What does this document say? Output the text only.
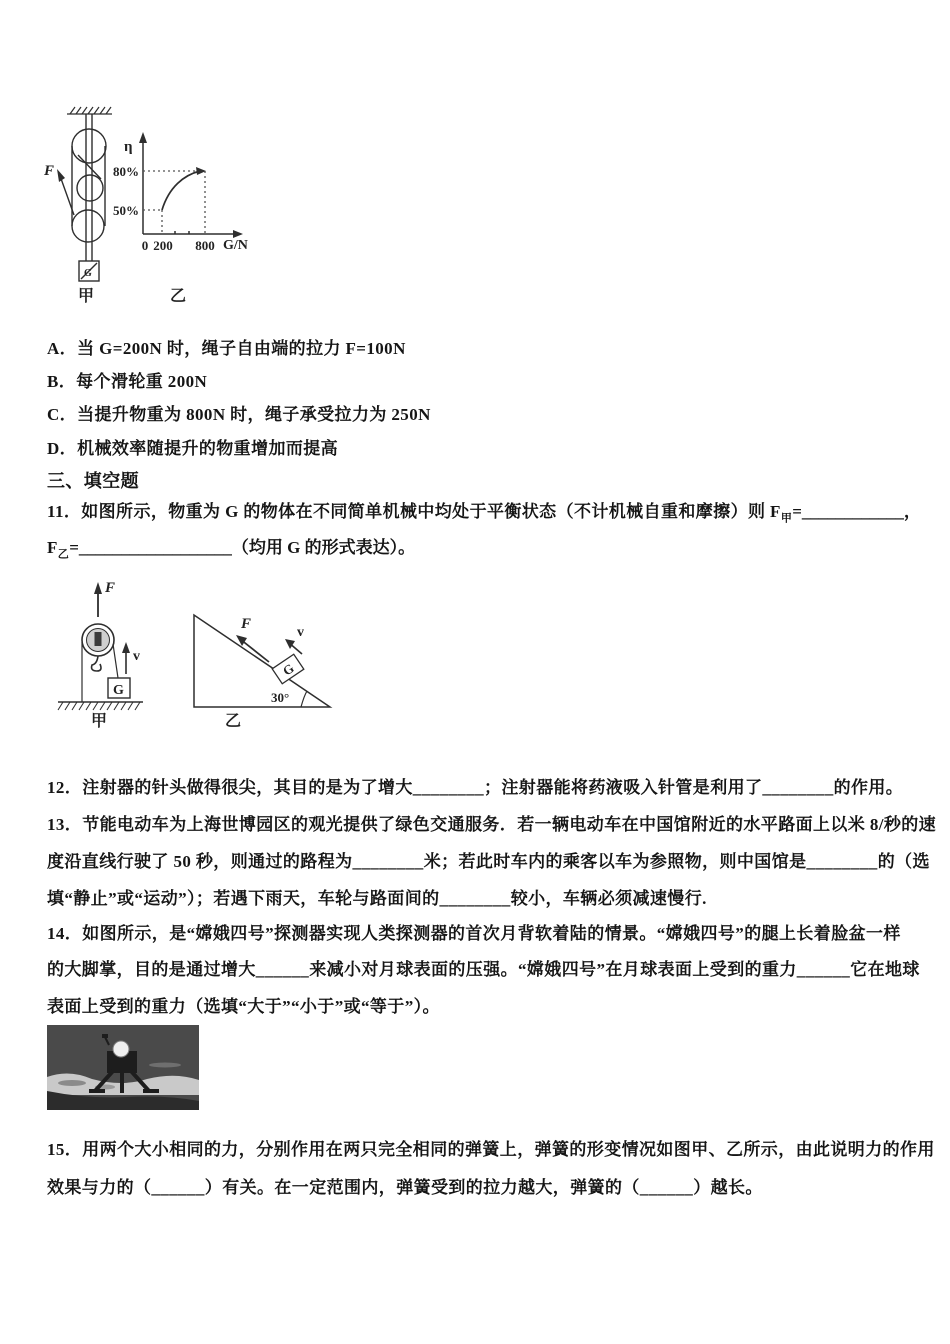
F
G
甲
η
80%
50%
0 200 800 G/N
乙
A．当 G=200N 时，绳子自由端的拉力 F=100N
B．每个滑轮重 200N
C．当提升物重为 800N 时，绳子承受拉力为 250N
D．机械效率随提升的物重增加而提高
三、填空题
11．如图所示，物重为 G 的物体在不同简单机械中均处于平衡状态（不计机械自重和摩擦）则 $F_甲=\_\_\_\_\_\_\_\_\_\_\_\_$，
$F_乙=\_\_\_\_\_\_\_\_\_\_\_\_\_\_\_\_\_\_$（均用 G 的形式表达）。
F
v
G
甲
G
F
v
30°
乙
12．注射器的针头做得很尖，其目的是为了增大________；注射器能将药液吸入针管是利用了________的作用。
13．节能电动车为上海世博园区的观光提供了绿色交通服务．若一辆电动车在中国馆附近的水平路面上以米 8/秒的速
度沿直线行驶了 50 秒，则通过的路程为________米；若此时车内的乘客以车为参照物，则中国馆是________的（选
填“静止”或“运动”）；若遇下雨天，车轮与路面间的________较小，车辆必须减速慢行.
14．如图所示，是“嫦娥四号”探测器实现人类探测器的首次月背软着陆的情景。“嫦娥四号”的腿上长着脸盆一样
的大脚掌，目的是通过增大______来减小对月球表面的压强。“嫦娥四号”在月球表面上受到的重力______它在地球
表面上受到的重力（选填“大于”“小于”或“等于”）。
15．用两个大小相同的力，分别作用在两只完全相同的弹簧上，弹簧的形变情况如图甲、乙所示，由此说明力的作用
效果与力的（______）有关。在一定范围内，弹簧受到的拉力越大，弹簧的（______）越长。
